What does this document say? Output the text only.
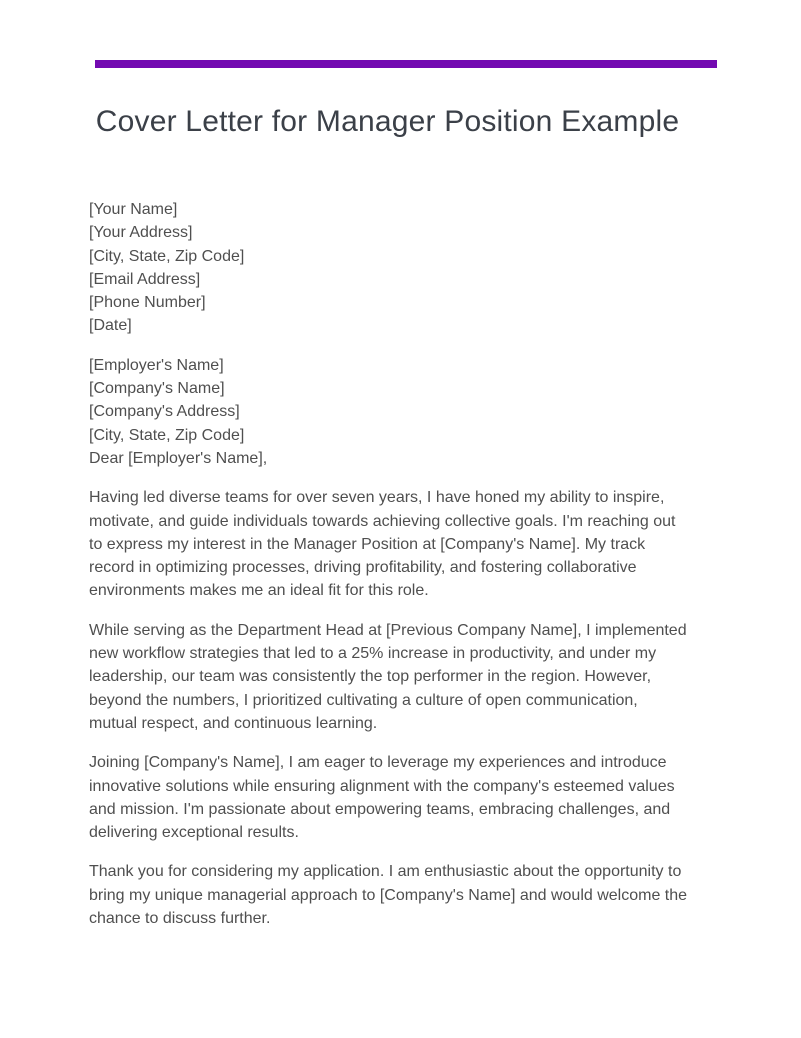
Cover Letter for Manager Position Example
[Your Name]
[Your Address]
[City, State, Zip Code]
[Email Address]
[Phone Number]
[Date]
[Employer's Name]
[Company's Name]
[Company's Address]
[City, State, Zip Code]
Dear [Employer's Name],

Having led diverse teams for over seven years, I have honed my ability to inspire, motivate, and guide individuals towards achieving collective goals. I'm reaching out to express my interest in the Manager Position at [Company's Name]. My track record in optimizing processes, driving profitability, and fostering collaborative environments makes me an ideal fit for this role.

While serving as the Department Head at [Previous Company Name], I implemented new workflow strategies that led to a 25% increase in productivity, and under my leadership, our team was consistently the top performer in the region. However, beyond the numbers, I prioritized cultivating a culture of open communication, mutual respect, and continuous learning.

Joining [Company's Name], I am eager to leverage my experiences and introduce innovative solutions while ensuring alignment with the company's esteemed values and mission. I'm passionate about empowering teams, embracing challenges, and delivering exceptional results.

Thank you for considering my application. I am enthusiastic about the opportunity to bring my unique managerial approach to [Company's Name] and would welcome the chance to discuss further.
